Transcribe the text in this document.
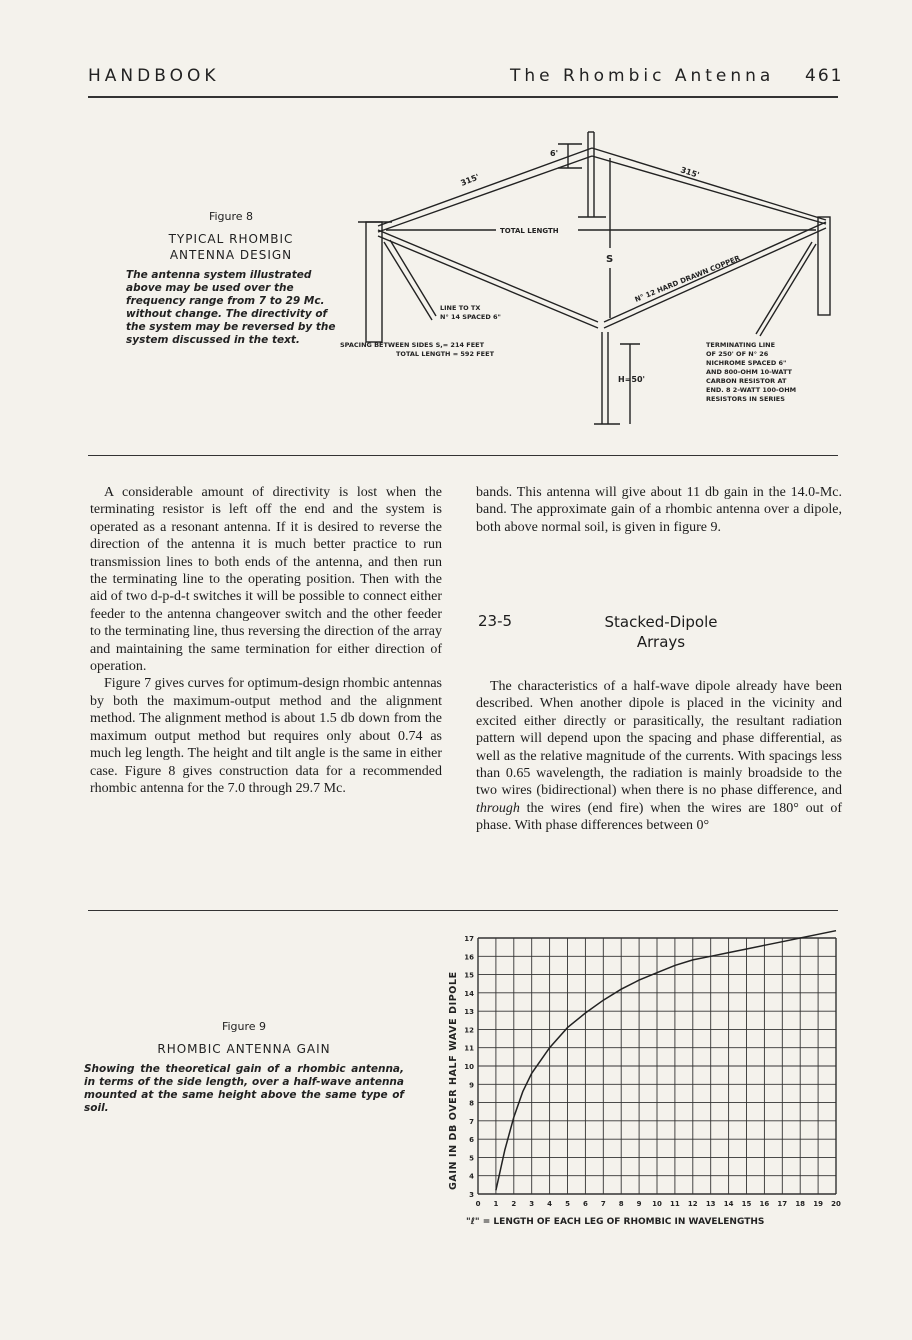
HANDBOOK	The Rhombic Antenna 461
Figure 8
TYPICAL RHOMBIC
ANTENNA DESIGN
The antenna system illustrated above may be used over the frequency range from 7 to 29 Mc. without change. The directivity of the system may be reversed by the system discussed in the text.
315'	315'
6'
TOTAL LENGTH
S	N° 12 HARD DRAWN COPPER
LINE TO TX
N° 14 SPACED 6"
SPACING BETWEEN SIDES S,= 214 FEET
TOTAL LENGTH = 592 FEET
H=50'
TERMINATING LINE
OF 250' OF N° 26
NICHROME SPACED 6"
AND 800-OHM 10-WATT
CARBON RESISTOR AT
END. 8 2-WATT 100-OHM
RESISTORS IN SERIES

A considerable amount of directivity is lost when the terminating resistor is left off the end and the system is operated as a resonant antenna. If it is desired to reverse the direction of the antenna it is much better practice to run transmission lines to both ends of the antenna, and then run the terminating line to the operating position. Then with the aid of two d-p-d-t switches it will be possible to connect either feeder to the antenna changeover switch and the other feeder to the terminating line, thus reversing the direction of the array and maintaining the same termination for either direction of operation.

Figure 7 gives curves for optimum-design rhombic antennas by both the maximum-output method and the alignment method. The alignment method is about 1.5 db down from the maximum output method but requires only about 0.74 as much leg length. The height and tilt angle is the same in either case. Figure 8 gives construction data for a recommended rhombic antenna for the 7.0 through 29.7 Mc.

bands. This antenna will give about 11 db gain in the 14.0-Mc. band. The approximate gain of a rhombic antenna over a dipole, both above normal soil, is given in figure 9.

23-5	Stacked-Dipole
Arrays

The characteristics of a half-wave dipole already have been described. When another dipole is placed in the vicinity and excited either directly or parasitically, the resultant radiation pattern will depend upon the spacing and phase differential, as well as the relative magnitude of the currents. With spacings less than 0.65 wavelength, the radiation is mainly broadside to the two wires (bidirectional) when there is no phase difference, and through the wires (end fire) when the wires are 180° out of phase. With phase differences between 0°

Figure 9
RHOMBIC ANTENNA GAIN
Showing the theoretical gain of a rhombic antenna, in terms of the side length, over a half-wave antenna mounted at the same height above the same type of soil.
0 1 2 3 4 5 6 7 8 9 10 11 12 13 14 15 16 17 18 19 20
3
4
5
6
7
8
9
10
11
12
13
14
15
16
17
GAIN IN DB OVER HALF WAVE DIPOLE
"ℓ" = LENGTH OF EACH LEG OF RHOMBIC IN WAVELENGTHS
